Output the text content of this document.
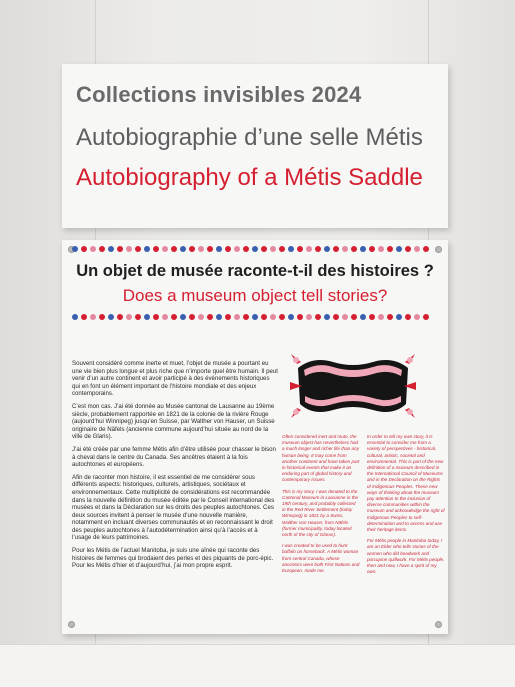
Collections invisibles 2024
Autobiographie d’une selle Métis
Autobiography of a Métis Saddle
Un objet de musée raconte-t-il des histoires ?
Does a museum object tell stories?

Souvent considéré comme inerte et muet, l’objet de musée a pourtant eu une vie bien plus longue et plus riche que n’importe quel être humain. Il peut venir d’un autre continent et avoir participé à des événements historiques qui en font un élément important de l’histoire mondiale et des enjeux contemporains.

C’est mon cas. J’ai été donnée au Musée cantonal de Lausanne au 19ème siècle, probablement rapportée en 1821 de la colonie de la rivière Rouge (aujourd’hui Winnipeg) jusqu’en Suisse, par Walther von Hauser, un Suisse originaire de Näfels (ancienne commune aujourd’hui située au nord de la ville de Glaris).

J’ai été créée par une femme Métis afin d’être utilisée pour chasser le bison à cheval dans le centre du Canada. Ses ancêtres étaient à la fois autochtones et européens.

Afin de raconter mon histoire, il est essentiel de me considérer sous différents aspects: historiques, culturels, artistiques, sociétaux et environnementaux. Cette multiplicité de considérations est recommandée dans la nouvelle définition du musée éditée par le Conseil international des musées et dans la Déclaration sur les droits des peuples autochtones. Ces deux sources invitent à penser le musée d’une nouvelle manière, notamment en incluant diverses communautés et en reconnaissant le droit des peuples autochtones à l’autodétermination ainsi qu’à l’accès et à l’usage de leurs patrimoines.

Pour les Métis de l’actuel Manitoba, je suis une aînée qui raconte des histoires de femmes qui brodaient des perles et des piquants de porc-épic. Pour les Métis d’hier et d’aujourd’hui, j’ai mon propre esprit.

Often considered inert and mute, the museum object has nevertheless had a much longer and richer life than any human being. It may come from another continent and have taken part in historical events that make it an enduring part of global history and contemporary issues.

This is my story. I was donated to the Cantonal Museum in Lausanne in the 19th century, and probably collected in the Red River Settlement (today Winnipeg) in 1821 by a Swiss, Walther von Hauser, from Näfels (former municipality, today located north of the city of Glarus).

I was created to be used to hunt buffalo on horseback. A Métis woman from central Canada, whose ancestors were both First Nations and European, made me.

In order to tell my own story, it is essential to consider me from a variety of perspectives - historical, cultural, artistic, societal and environmental. This is part of the new definition of a museum described in the International Council of Museums and in the Declaration on the Rights of Indigenous Peoples. These new ways of thinking about the museum pay attention to the inclusion of diverse communities within the museum and acknowledge the right of Indigenous Peoples to self-determination and to access and use their heritage items.

For Métis people in Manitoba today, I am an Elder who tells stories of the women who did beadwork and porcupine quillwork. For Métis people, then and now, I have a spirit of my own.
